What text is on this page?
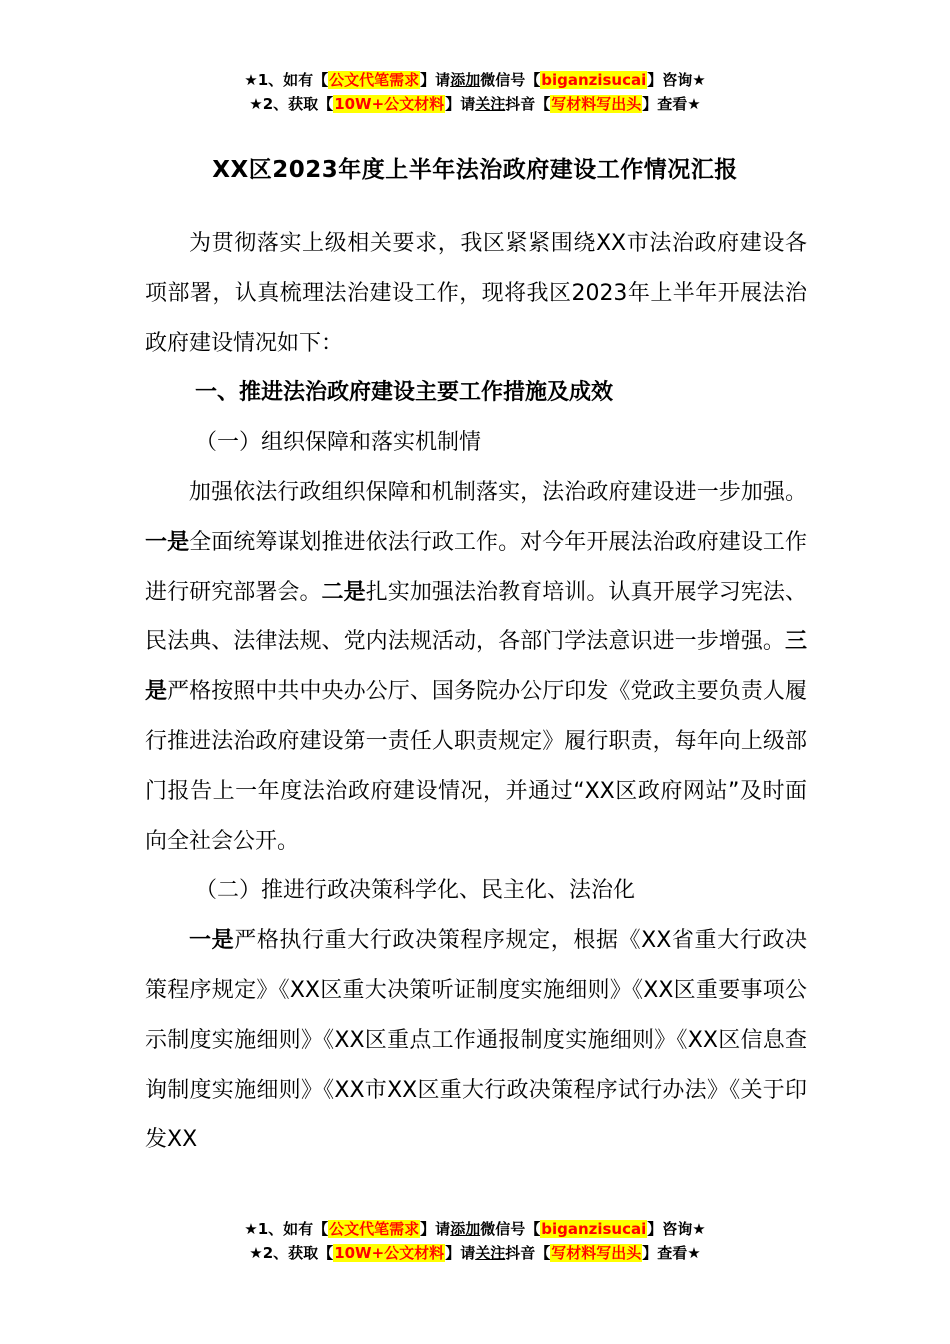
★1、如有【公文代笔需求】请添加微信号【biganzisucai】咨询★
★2、获取【10W+公文材料】请关注抖音【写材料写出头】查看★
XX区2023年度上半年法治政府建设工作情况汇报

为贯彻落实上级相关要求，我区紧紧围绕XX市法治政府建设各项部署，认真梳理法治建设工作，现将我区2023年上半年开展法治政府建设情况如下：

一、推进法治政府建设主要工作措施及成效

（一）组织保障和落实机制情

加强依法行政组织保障和机制落实，法治政府建设进一步加强。一是全面统筹谋划推进依法行政工作。对今年开展法治政府建设工作进行研究部署会。二是扎实加强法治教育培训。认真开展学习宪法、民法典、法律法规、党内法规活动，各部门学法意识进一步增强。三是严格按照中共中央办公厅、国务院办公厅印发《党政主要负责人履行推进法治政府建设第一责任人职责规定》履行职责，每年向上级部门报告上一年度法治政府建设情况，并通过“XX区政府网站”及时面向全社会公开。

（二）推进行政决策科学化、民主化、法治化

一是严格执行重大行政决策程序规定，根据《XX省重大行政决策程序规定》《XX区重大决策听证制度实施细则》《XX区重要事项公示制度实施细则》《XX区重点工作通报制度实施细则》《XX区信息查询制度实施细则》《XX市XX区重大行政决策程序试行办法》《关于印发XX

★1、如有【公文代笔需求】请添加微信号【biganzisucai】咨询★
★2、获取【10W+公文材料】请关注抖音【写材料写出头】查看★
